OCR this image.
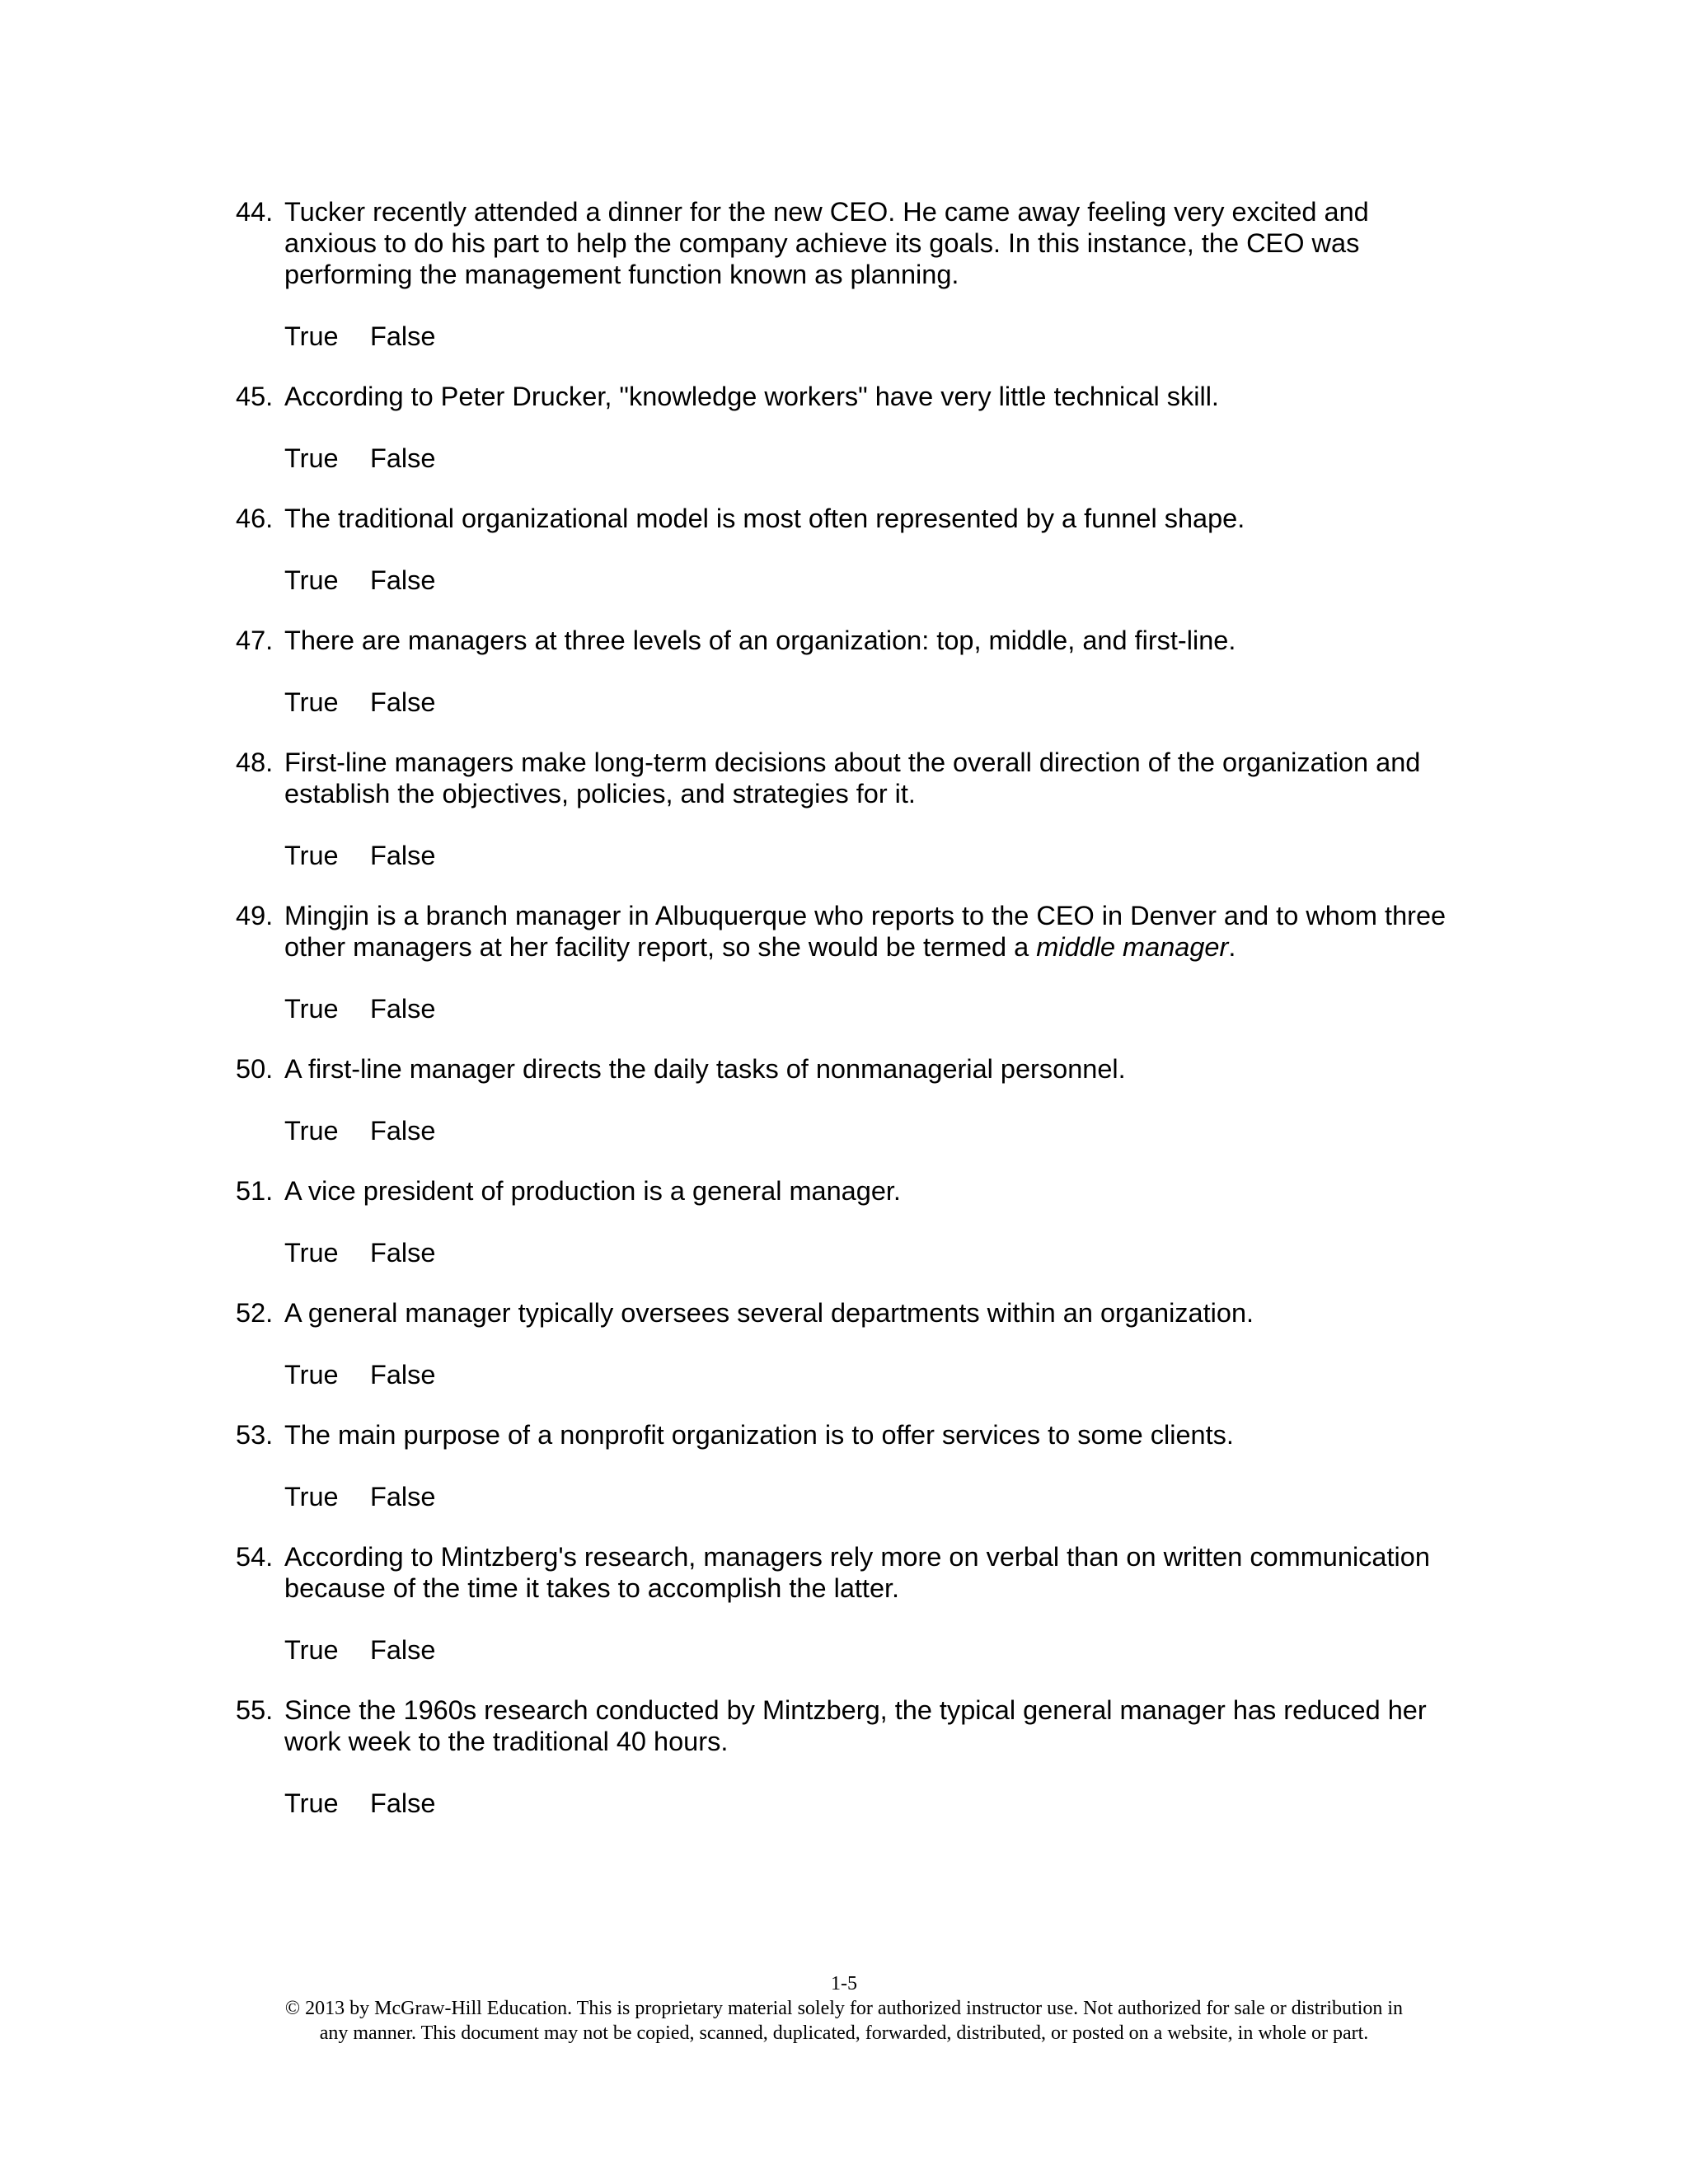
44. Tucker recently attended a dinner for the new CEO. He came away feeling very excited and
anxious to do his part to help the company achieve its goals. In this instance, the CEO was
performing the management function known as planning.
True False
45. According to Peter Drucker, "knowledge workers" have very little technical skill.
True False
46. The traditional organizational model is most often represented by a funnel shape.
True False
47. There are managers at three levels of an organization: top, middle, and first-line.
True False
48. First-line managers make long-term decisions about the overall direction of the organization and
establish the objectives, policies, and strategies for it.
True False
49. Mingjin is a branch manager in Albuquerque who reports to the CEO in Denver and to whom three
other managers at her facility report, so she would be termed a middle manager.
True False
50. A first-line manager directs the daily tasks of nonmanagerial personnel.
True False
51. A vice president of production is a general manager.
True False
52. A general manager typically oversees several departments within an organization.
True False
53. The main purpose of a nonprofit organization is to offer services to some clients.
True False
54. According to Mintzberg's research, managers rely more on verbal than on written communication
because of the time it takes to accomplish the latter.
True False
55. Since the 1960s research conducted by Mintzberg, the typical general manager has reduced her
work week to the traditional 40 hours.
True False
1-5
© 2013 by McGraw-Hill Education. This is proprietary material solely for authorized instructor use. Not authorized for sale or distribution in
any manner. This document may not be copied, scanned, duplicated, forwarded, distributed, or posted on a website, in whole or part.
